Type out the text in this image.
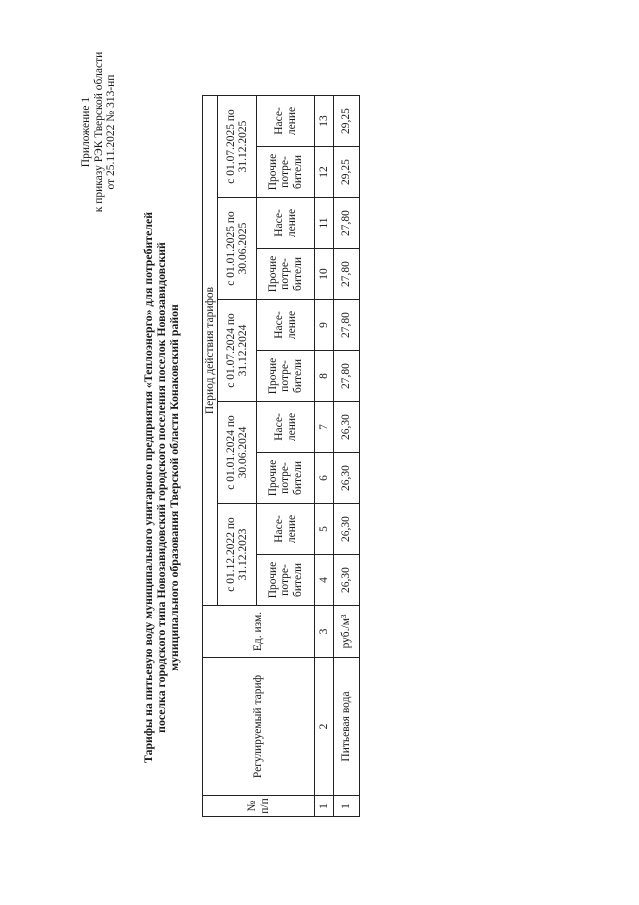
Приложение 1 к приказу РЭК Тверской области от 25.11.2022 № 313-нп
Тарифы на питьевую воду муниципального унитарного предприятия «Теплоэнерго» для потребителей поселка городского типа Новозавидовский городского поселения поселок Новозавидовский муниципального образования Тверской области Конаковский район
№ п/п	Регулируемый тариф	Ед. изм.	Период действия тарифов									
			с 01.12.2022 по 31.12.2023		с 01.01.2024 по 30.06.2024		с 01.07.2024 по 31.12.2024		с 01.01.2025 по 30.06.2025		с 01.07.2025 по 31.12.2025	
			Прочие потре- бители	Насе- ление	Прочие потре- бители	Насе- ление	Прочие потре- бители	Насе- ление	Прочие потре- бители	Насе- ление	Прочие потре- бители	Насе- ление
1	2	3	4	5	6	7	8	9	10	11	12	13
1	Питьевая вода	руб./м³	26,30	26,30	26,30	26,30	27,80	27,80	27,80	27,80	29,25	29,25
